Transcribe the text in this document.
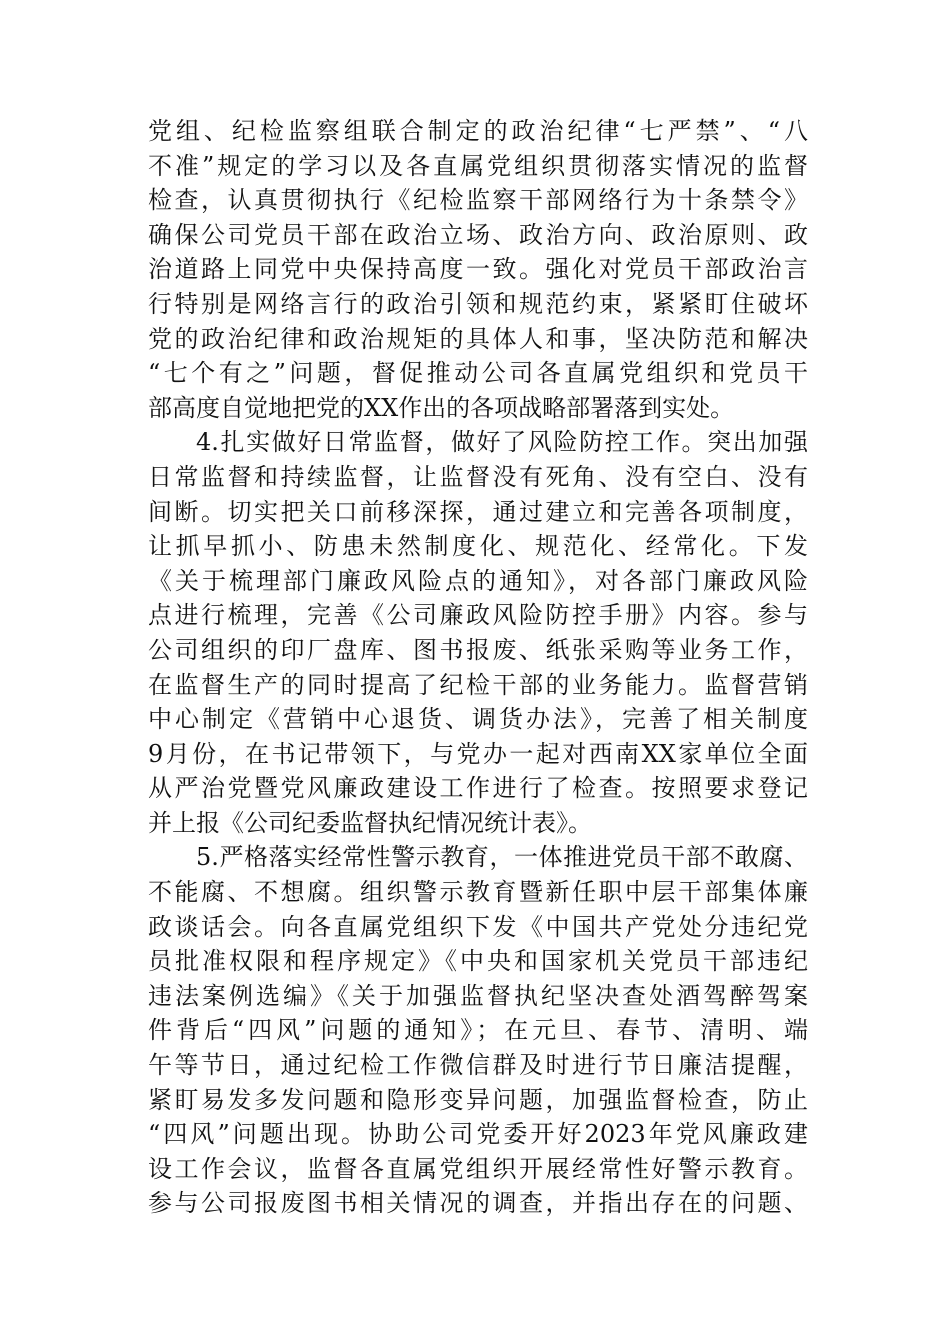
党组、纪检监察组联合制定的政治纪律“七严禁”、“八
不准”规定的学习以及各直属党组织贯彻落实情况的监督
检查，认真贯彻执行《纪检监察干部网络行为十条禁令》
确保公司党员干部在政治立场、政治方向、政治原则、政
治道路上同党中央保持高度一致。强化对党员干部政治言
行特别是网络言行的政治引领和规范约束，紧紧盯住破坏
党的政治纪律和政治规矩的具体人和事，坚决防范和解决
“七个有之”问题，督促推动公司各直属党组织和党员干
部高度自觉地把党的XX作出的各项战略部署落到实处。
4.扎实做好日常监督，做好了风险防控工作。突出加强
日常监督和持续监督，让监督没有死角、没有空白、没有
间断。切实把关口前移深探，通过建立和完善各项制度，
让抓早抓小、防患未然制度化、规范化、经常化。下发
《关于梳理部门廉政风险点的通知》，对各部门廉政风险
点进行梳理，完善《公司廉政风险防控手册》内容。参与
公司组织的印厂盘库、图书报废、纸张采购等业务工作，
在监督生产的同时提高了纪检干部的业务能力。监督营销
中心制定《营销中心退货、调货办法》，完善了相关制度
9月份，在书记带领下，与党办一起对西南XX家单位全面
从严治党暨党风廉政建设工作进行了检查。按照要求登记
并上报《公司纪委监督执纪情况统计表》。
5.严格落实经常性警示教育，一体推进党员干部不敢腐、
不能腐、不想腐。组织警示教育暨新任职中层干部集体廉
政谈话会。向各直属党组织下发《中国共产党处分违纪党
员批准权限和程序规定》《中央和国家机关党员干部违纪
违法案例选编》《关于加强监督执纪坚决查处酒驾醉驾案
件背后“四风”问题的通知》；在元旦、春节、清明、端
午等节日，通过纪检工作微信群及时进行节日廉洁提醒，
紧盯易发多发问题和隐形变异问题，加强监督检查，防止
“四风”问题出现。协助公司党委开好2023年党风廉政建
设工作会议，监督各直属党组织开展经常性好警示教育。
参与公司报废图书相关情况的调查，并指出存在的问题、
